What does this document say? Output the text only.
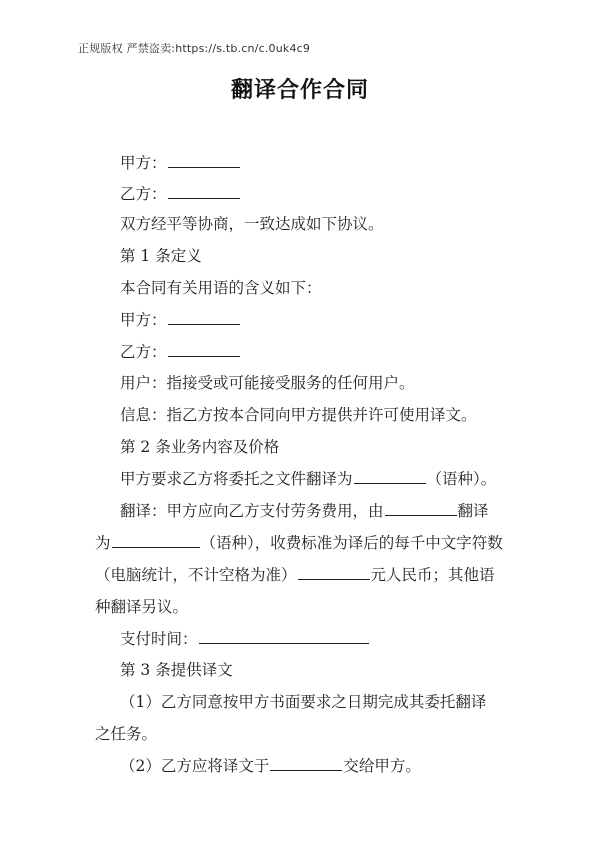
正规版权 严禁盗卖:https://s.tb.cn/c.0uk4c9
翻译合作合同
甲方：
乙方：
双方经平等协商，一致达成如下协议。
第 1 条定义
本合同有关用语的含义如下：
甲方：
乙方：
用户：指接受或可能接受服务的任何用户。
信息：指乙方按本合同向甲方提供并许可使用译文。
第 2 条业务内容及价格
甲方要求乙方将委托之文件翻译为	（语种）。
翻译：甲方应向乙方支付劳务费用，由	翻译
为	（语种），收费标准为译后的每千中文字符数
（电脑统计，不计空格为准）	元人民币；其他语
种翻译另议。
支付时间：
第 3 条提供译文
（1）乙方同意按甲方书面要求之日期完成其委托翻译
之任务。
（2）乙方应将译文于	交给甲方。
